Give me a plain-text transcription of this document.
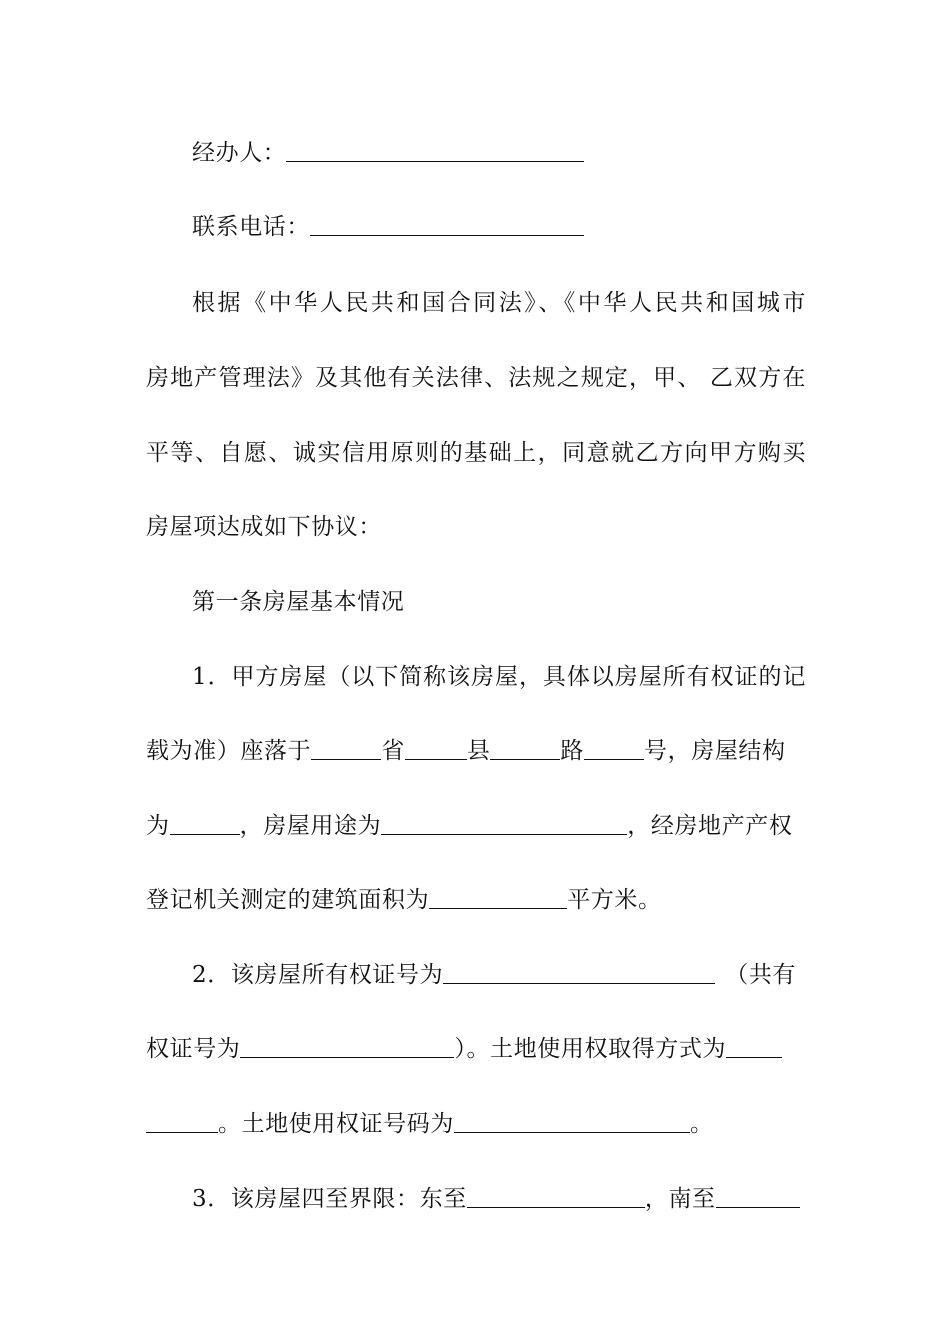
经办人：
联系电话：
根据《中华人民共和国合同法》、《中华人民共和国城市
房地产管理法》及其他有关法律、法规之规定，甲、 乙双方在
平等、自愿、诚实信用原则的基础上，同意就乙方向甲方购买
房屋项达成如下协议：
第一条房屋基本情况
1．甲方房屋（以下简称该房屋，具体以房屋所有权证的记
载为准）座落于	省	县	路	号，房屋结构
为	，房屋用途为	，经房地产产权
登记机关测定的建筑面积为	平方米。
2．该房屋所有权证号为	（共有
权证号为	）。土地使用权取得方式为
。土地使用权证号码为	。
3．该房屋四至界限：东至	，南至
